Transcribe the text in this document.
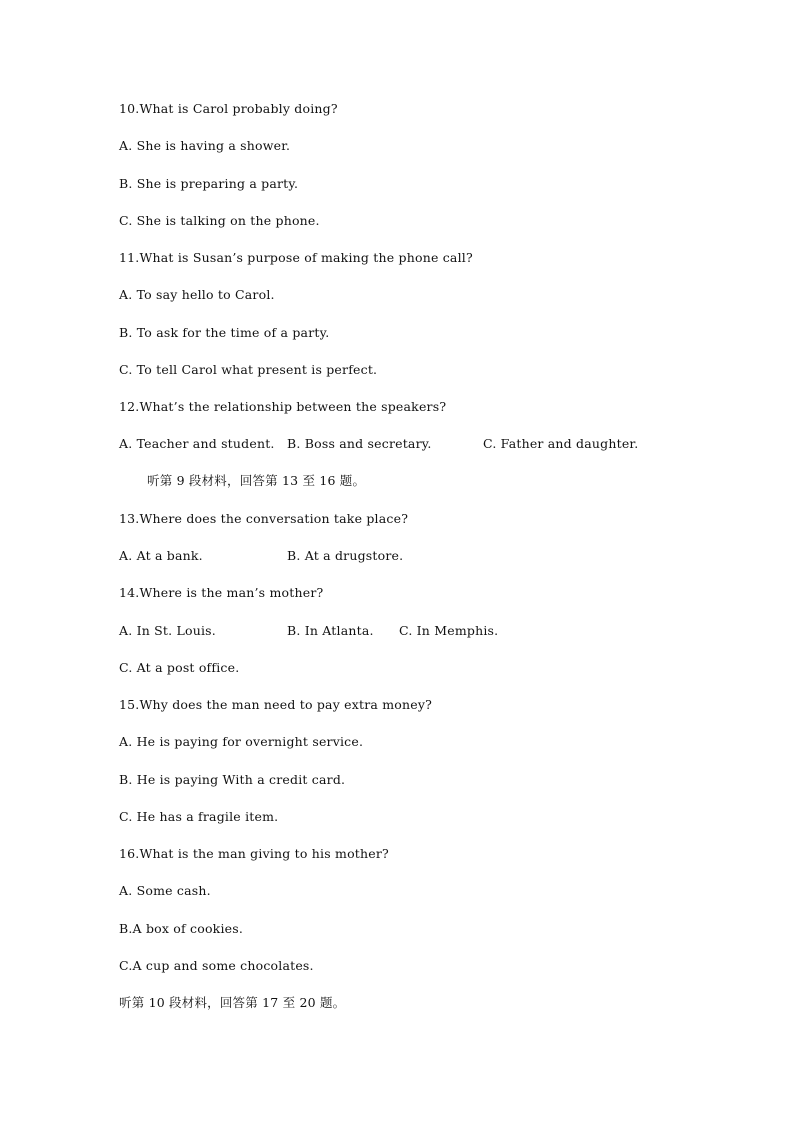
10.What is Carol probably doing?
A. She is having a shower.
B. She is preparing a party.
C. She is talking on the phone.
11.What is Susan’s purpose of making the phone call?
A. To say hello to Carol.
B. To ask for the time of a party.
C. To tell Carol what present is perfect.
12.What’s the relationship between the speakers?

A. Teacher and student.

B. Boss and secretary.

	C. Father and daughter.

听第 9 段材料，回答第 13 至 16 题。
13.Where does the conversation take place?

A. At a bank.

	B. At a drugstore.

14.Where is the man’s mother?

A. In St. Louis.

	B. In Atlanta.

C. In Memphis.

C. At a post office.
15.Why does the man need to pay extra money?
A. He is paying for overnight service.
B. He is paying With a credit card.
C. He has a fragile item.
16.What is the man giving to his mother?
A. Some cash.
B.A box of cookies.
C.A cup and some chocolates.
听第 10 段材料，回答第 17 至 20 题。
